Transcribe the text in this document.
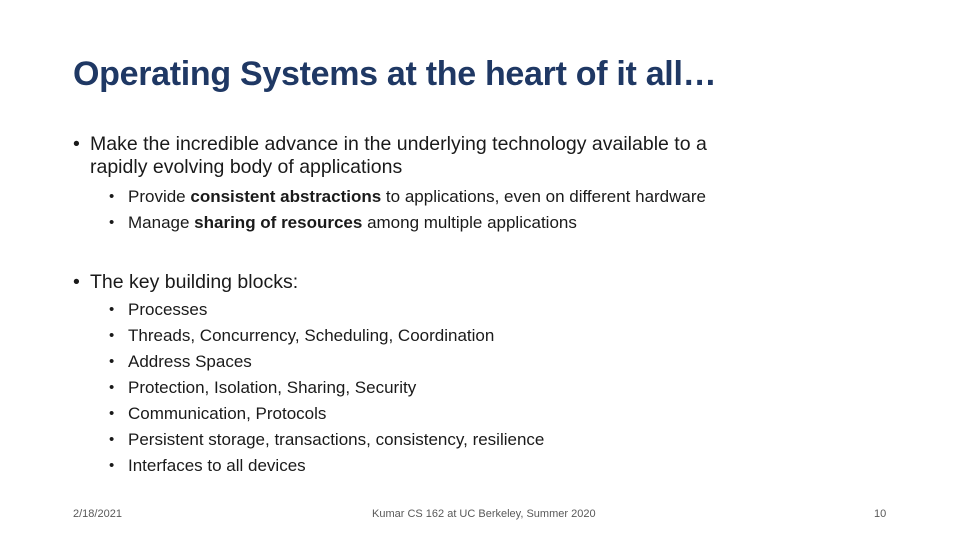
Operating Systems at the heart of it all…
• Make the incredible advance in the underlying technology available to a
rapidly evolving body of applications
• Provide consistent abstractions to applications, even on different hardware
• Manage sharing of resources among multiple applications
• The key building blocks:
• Processes
• Threads, Concurrency, Scheduling, Coordination
• Address Spaces
• Protection, Isolation, Sharing, Security
• Communication, Protocols
• Persistent storage, transactions, consistency, resilience
• Interfaces to all devices
2/18/2021	Kumar CS 162 at UC Berkeley, Summer 2020	10
